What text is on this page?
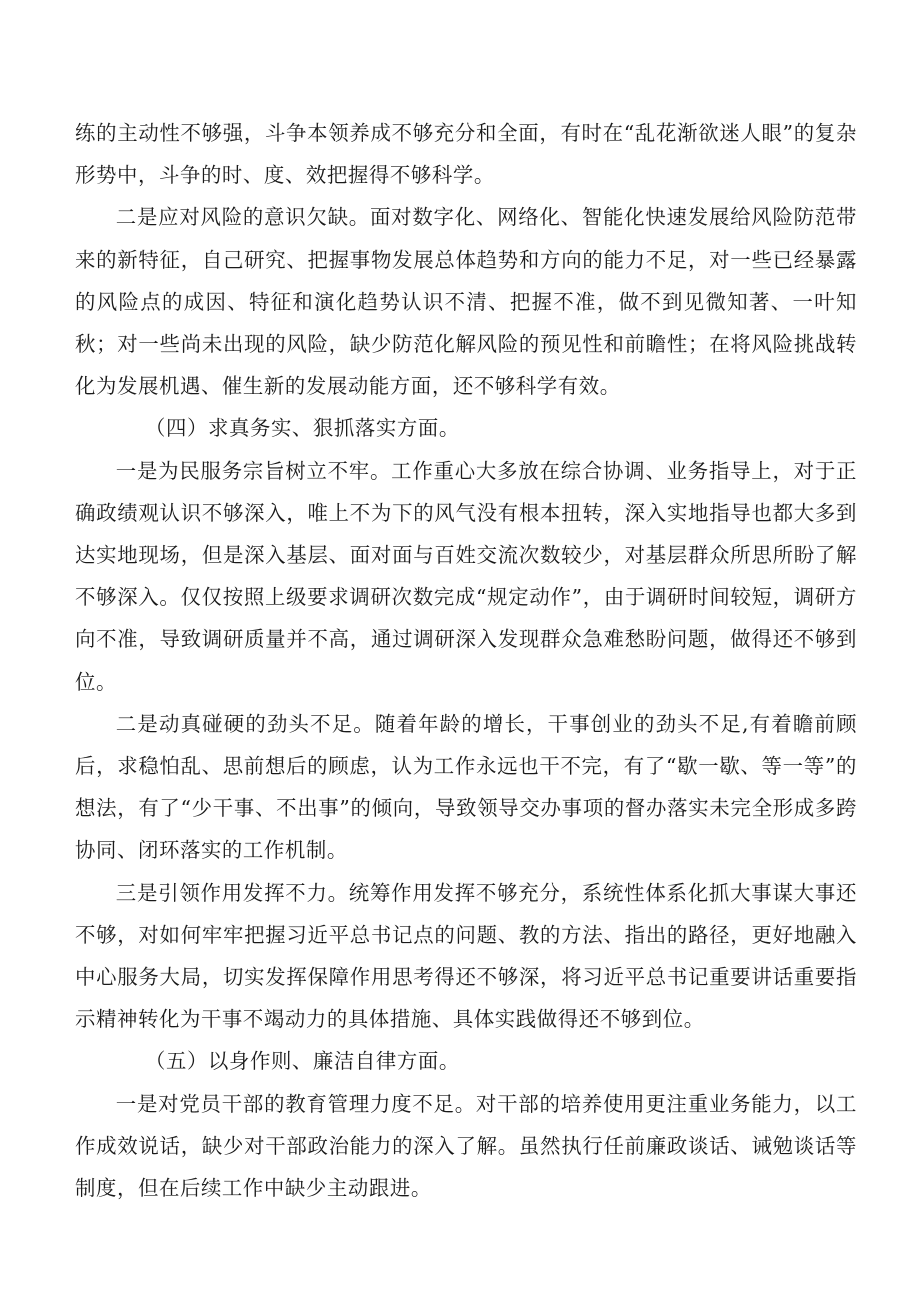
练的主动性不够强，斗争本领养成不够充分和全面，有时在“乱花渐欲迷人眼”的复杂形势中，斗争的时、度、效把握得不够科学。

二是应对风险的意识欠缺。面对数字化、网络化、智能化快速发展给风险防范带来的新特征，自己研究、把握事物发展总体趋势和方向的能力不足，对一些已经暴露的风险点的成因、特征和演化趋势认识不清、把握不准，做不到见微知著、一叶知秋；对一些尚未出现的风险，缺少防范化解风险的预见性和前瞻性；在将风险挑战转化为发展机遇、催生新的发展动能方面，还不够科学有效。

（四）求真务实、狠抓落实方面。

一是为民服务宗旨树立不牢。工作重心大多放在综合协调、业务指导上，对于正确政绩观认识不够深入，唯上不为下的风气没有根本扭转，深入实地指导也都大多到达实地现场，但是深入基层、面对面与百姓交流次数较少，对基层群众所思所盼了解不够深入。仅仅按照上级要求调研次数完成“规定动作”，由于调研时间较短，调研方向不准，导致调研质量并不高，通过调研深入发现群众急难愁盼问题，做得还不够到位。

二是动真碰硬的劲头不足。随着年龄的增长，干事创业的劲头不足,有着瞻前顾后，求稳怕乱、思前想后的顾虑，认为工作永远也干不完，有了“歇一歇、等一等”的想法，有了“少干事、不出事”的倾向，导致领导交办事项的督办落实未完全形成多跨协同、闭环落实的工作机制。

三是引领作用发挥不力。统筹作用发挥不够充分，系统性体系化抓大事谋大事还不够，对如何牢牢把握习近平总书记点的问题、教的方法、指出的路径，更好地融入中心服务大局，切实发挥保障作用思考得还不够深，将习近平总书记重要讲话重要指示精神转化为干事不竭动力的具体措施、具体实践做得还不够到位。

（五）以身作则、廉洁自律方面。

一是对党员干部的教育管理力度不足。对干部的培养使用更注重业务能力，以工作成效说话，缺少对干部政治能力的深入了解。虽然执行任前廉政谈话、诫勉谈话等制度，但在后续工作中缺少主动跟进。
